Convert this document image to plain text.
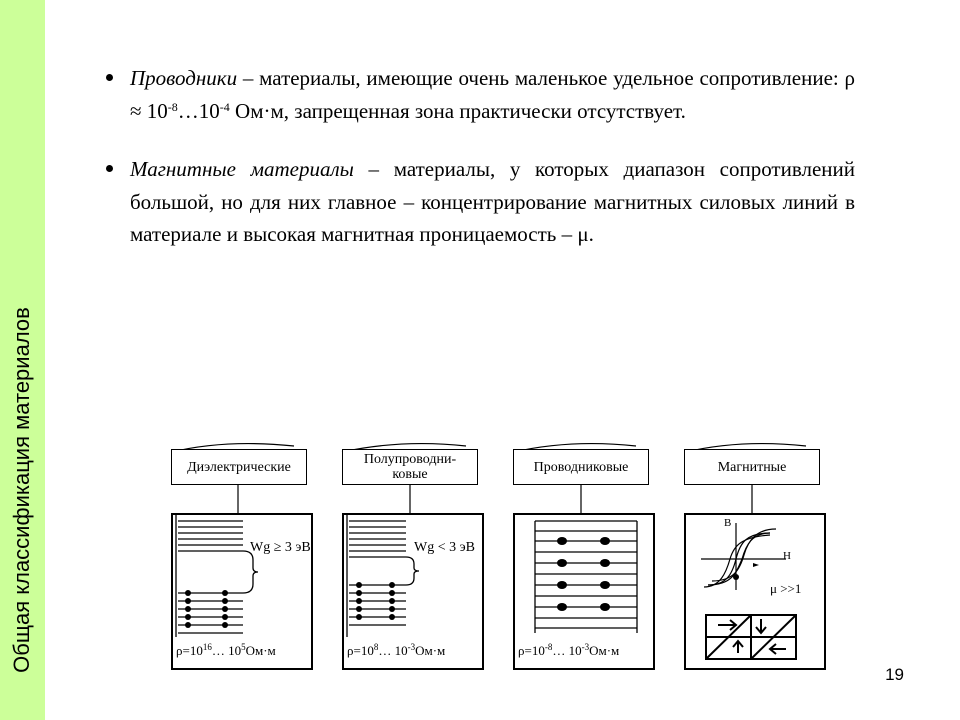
Общая классификация материалов
Проводники – материалы, имеющие очень маленькое удельное сопротивление: $\rho \approx 10^{-8}\dots 10^{-4}$ Ом·м, запрещенная зона практически отсутствует.
Магнитные материалы – материалы, у которых диапазон сопротивлений большой, но для них главное – концентрирование магнитных силовых линий в материале и высокая магнитная проницаемость – μ.
Диэлектрические	Полупроводни-ковые	Проводниковые	Магнитные
Wg ≥ 3 эВ
$\rho=10^{16}\dots$ $10^5Ом\cdot м$
Wg < 3 эВ
$\rho=10^8\dots$ $10^{-3}Ом\cdot м$	$\rho=10^{-8}\dots$ $10^{-3}Ом\cdot м$
B
H
μ >>1
19
